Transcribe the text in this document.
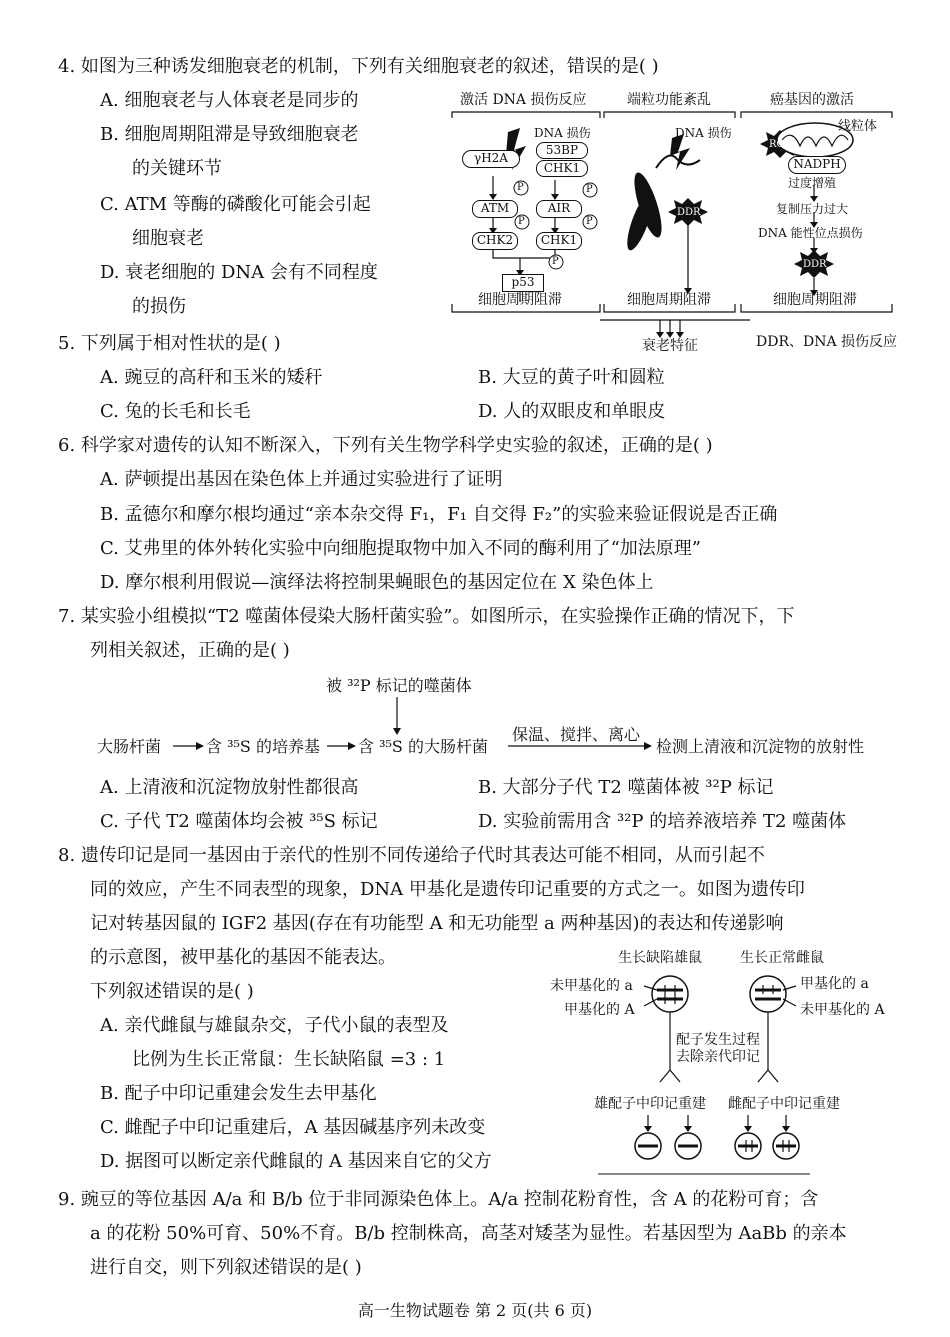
4. 如图为三种诱发细胞衰老的机制，下列有关细胞衰老的叙述，错误的是( )
A. 细胞衰老与人体衰老是同步的
B. 细胞周期阻滞是导致细胞衰老
的关键环节
C. ATM 等酶的磷酸化可能会引起
细胞衰老
D. 衰老细胞的 DNA 会有不同程度
的损伤
激活 DNA 损伤反应	端粒功能紊乱	癌基因的激活
DNA 损伤
γH2A
53BP
CHK1
ATM	AIR
CHK2	CHK1
p53
P	P
P	P
P
DNA 损伤
DDR
ROS
线粒体
NADPH
过度增殖
复制压力过大
DNA 能性位点损伤
DDR
细胞周期阻滞	细胞周期阻滞	细胞周期阻滞
衰老特征	DDR、DNA 损伤反应
5. 下列属于相对性状的是( )
A. 豌豆的高秆和玉米的矮秆	B. 大豆的黄子叶和圆粒
C. 兔的长毛和长毛	D. 人的双眼皮和单眼皮
6. 科学家对遗传的认知不断深入，下列有关生物学科学史实验的叙述，正确的是( )
A. 萨顿提出基因在染色体上并通过实验进行了证明
B. 孟德尔和摩尔根均通过“亲本杂交得 F₁，F₁ 自交得 F₂”的实验来验证假说是否正确
C. 艾弗里的体外转化实验中向细胞提取物中加入不同的酶利用了“加法原理”
D. 摩尔根利用假说—演绎法将控制果蝇眼色的基因定位在 X 染色体上
7. 某实验小组模拟“T2 噬菌体侵染大肠杆菌实验”。如图所示，在实验操作正确的情况下，下
列相关叙述，正确的是( )
被 ³²P 标记的噬菌体
大肠杆菌	含 ³⁵S 的培养基 含 ³⁵S 的大肠杆菌
保温、搅拌、离心
检测上清液和沉淀物的放射性
A. 上清液和沉淀物放射性都很高	B. 大部分子代 T2 噬菌体被 ³²P 标记
C. 子代 T2 噬菌体均会被 ³⁵S 标记	D. 实验前需用含 ³²P 的培养液培养 T2 噬菌体
8. 遗传印记是同一基因由于亲代的性别不同传递给子代时其表达可能不相同，从而引起不
同的效应，产生不同表型的现象，DNA 甲基化是遗传印记重要的方式之一。如图为遗传印
记对转基因鼠的 IGF2 基因(存在有功能型 A 和无功能型 a 两种基因)的表达和传递影响
的示意图，被甲基化的基因不能表达。
下列叙述错误的是( )
A. 亲代雌鼠与雄鼠杂交，子代小鼠的表型及
比例为生长正常鼠：生长缺陷鼠 =3 : 1
B. 配子中印记重建会发生去甲基化
C. 雌配子中印记重建后，A 基因碱基序列未改变
D. 据图可以断定亲代雌鼠的 A 基因来自它的父方
生长缺陷雄鼠	生长正常雌鼠
未甲基化的 a
甲基化的 A
甲基化的 a
未甲基化的 A
配子发生过程
去除亲代印记
雄配子中印记重建 雌配子中印记重建
9. 豌豆的等位基因 A/a 和 B/b 位于非同源染色体上。A/a 控制花粉育性，含 A 的花粉可育；含
a 的花粉 50%可育、50%不育。B/b 控制株高，高茎对矮茎为显性。若基因型为 AaBb 的亲本
进行自交，则下列叙述错误的是( )
高一生物试题卷 第 2 页(共 6 页)
